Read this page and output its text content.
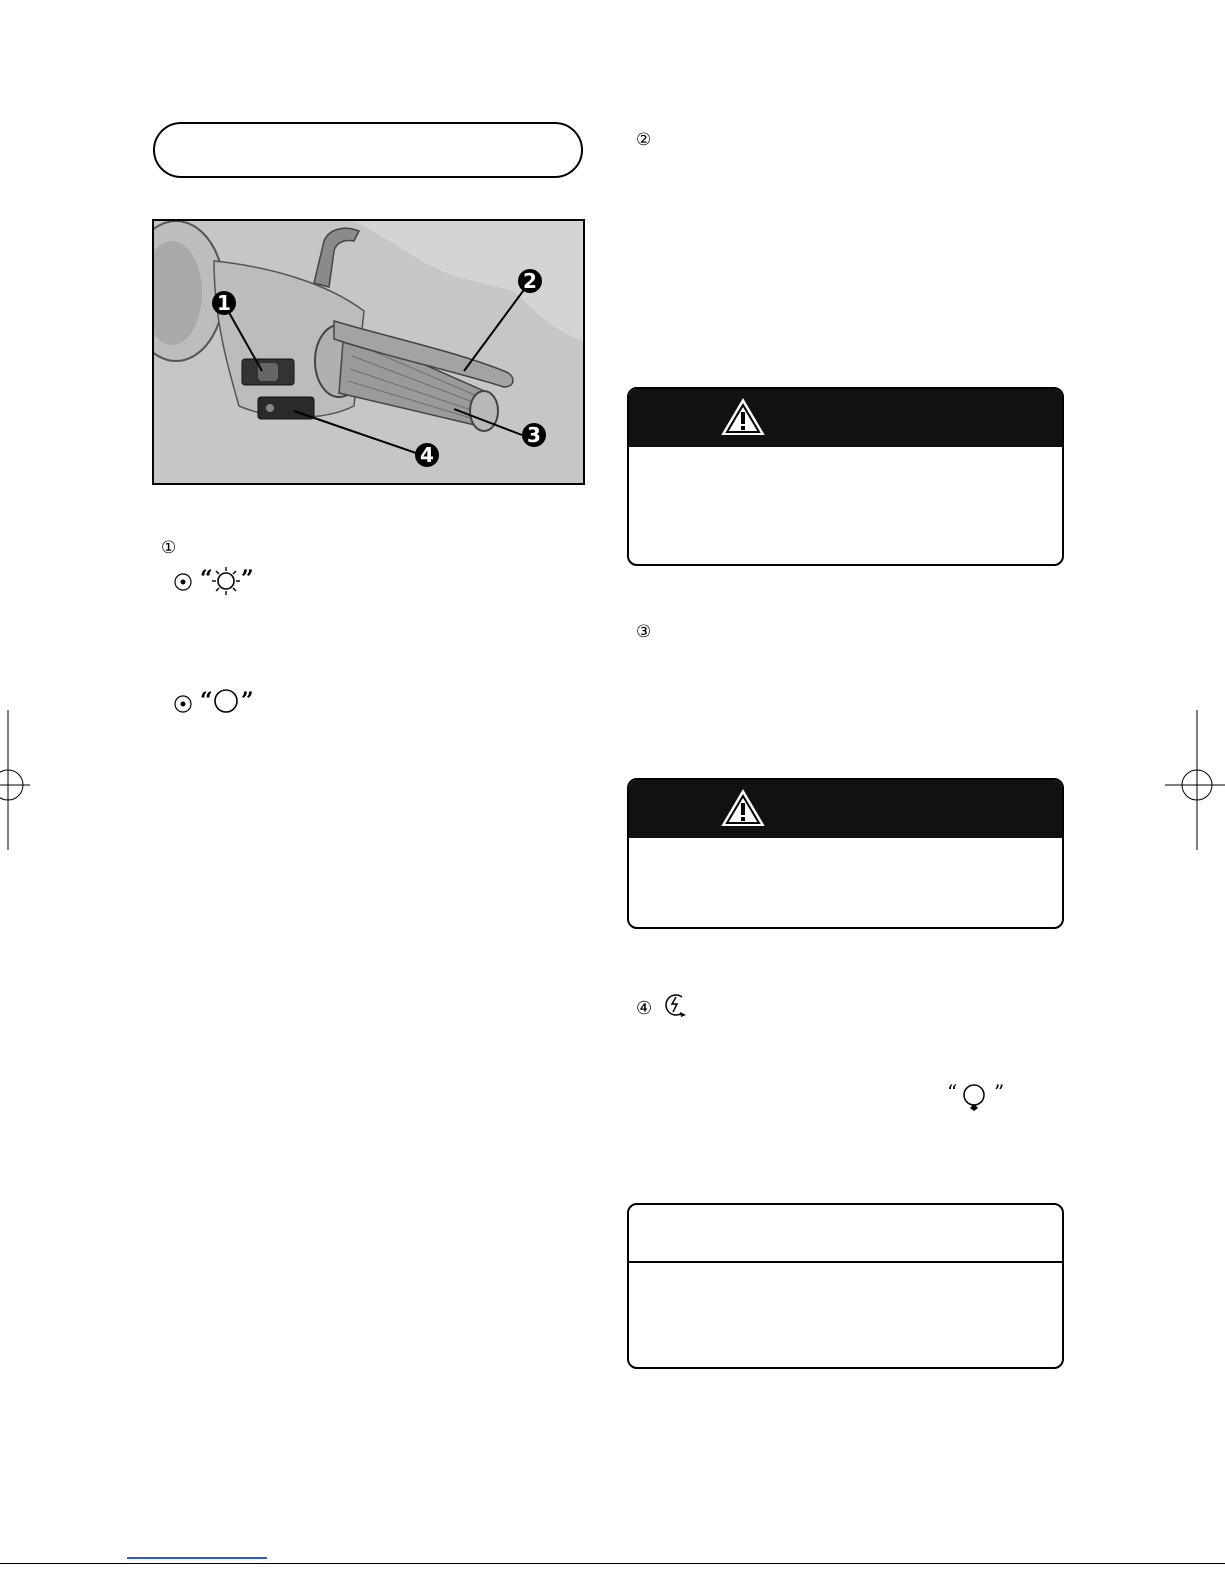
1
2
3
4
①
“ ”
“ ”
②
③
④
“ ”
